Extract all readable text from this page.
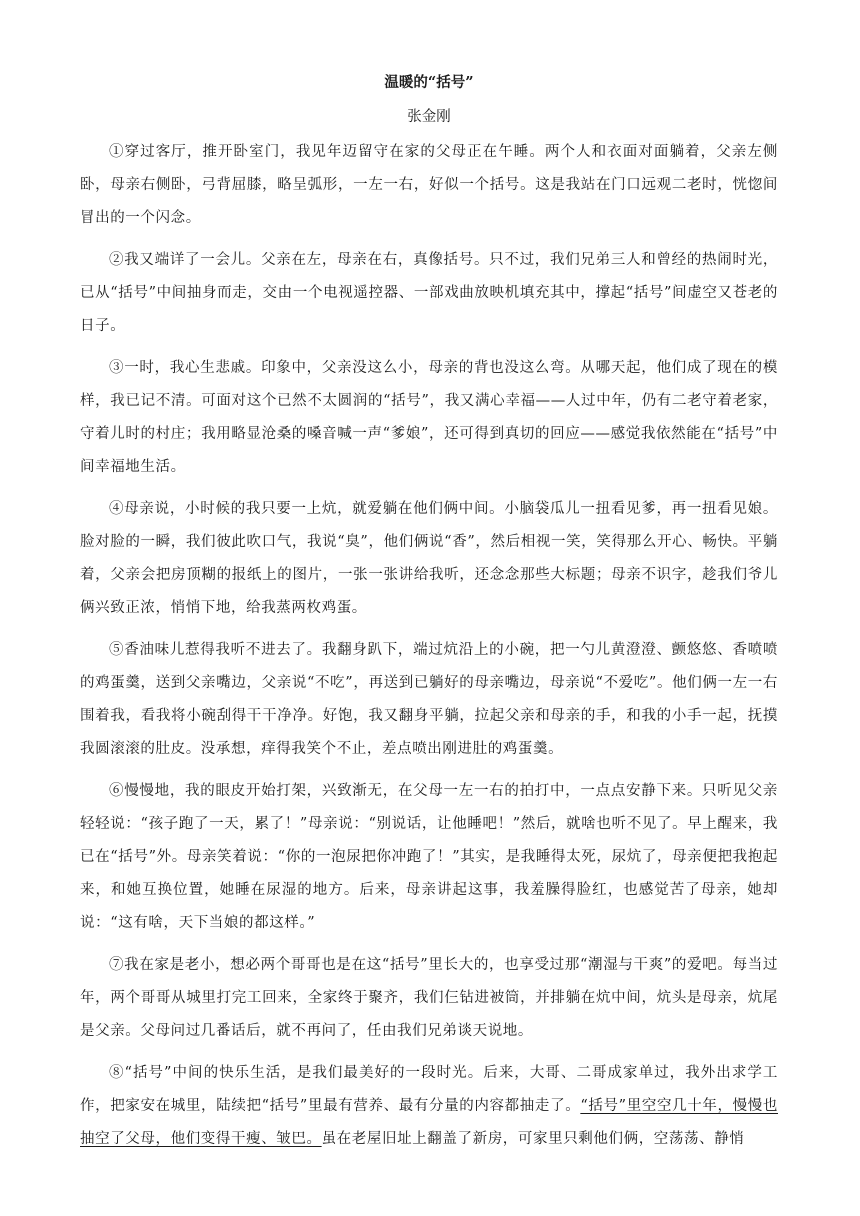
温暖的“括号”
张金刚

①穿过客厅，推开卧室门，我见年迈留守在家的父母正在午睡。两个人和衣面对面躺着，父亲左侧卧，母亲右侧卧，弓背屈膝，略呈弧形，一左一右，好似一个括号。这是我站在门口远观二老时，恍惚间冒出的一个闪念。

②我又端详了一会儿。父亲在左，母亲在右，真像括号。只不过，我们兄弟三人和曾经的热闹时光，已从“括号”中间抽身而走，交由一个电视遥控器、一部戏曲放映机填充其中，撑起“括号”间虚空又苍老的日子。

③一时，我心生悲戚。印象中，父亲没这么小，母亲的背也没这么弯。从哪天起，他们成了现在的模样，我已记不清。可面对这个已然不太圆润的“括号”，我又满心幸福——人过中年，仍有二老守着老家，守着儿时的村庄；我用略显沧桑的嗓音喊一声“爹娘”，还可得到真切的回应——感觉我依然能在“括号”中间幸福地生活。

④母亲说，小时候的我只要一上炕，就爱躺在他们俩中间。小脑袋瓜儿一扭看见爹，再一扭看见娘。脸对脸的一瞬，我们彼此吹口气，我说“臭”，他们俩说“香”，然后相视一笑，笑得那么开心、畅快。平躺着，父亲会把房顶糊的报纸上的图片，一张一张讲给我听，还念念那些大标题；母亲不识字，趁我们爷儿俩兴致正浓，悄悄下地，给我蒸两枚鸡蛋。

⑤香油味儿惹得我听不进去了。我翻身趴下，端过炕沿上的小碗，把一勺儿黄澄澄、颤悠悠、香喷喷的鸡蛋羹，送到父亲嘴边，父亲说“不吃”，再送到已躺好的母亲嘴边，母亲说“不爱吃”。他们俩一左一右围着我，看我将小碗刮得干干净净。好饱，我又翻身平躺，拉起父亲和母亲的手，和我的小手一起，抚摸我圆滚滚的肚皮。没承想，痒得我笑个不止，差点喷出刚进肚的鸡蛋羹。

⑥慢慢地，我的眼皮开始打架，兴致渐无，在父母一左一右的拍打中，一点点安静下来。只听见父亲轻轻说：“孩子跑了一天，累了！”母亲说：“别说话，让他睡吧！”然后，就啥也听不见了。早上醒来，我已在“括号”外。母亲笑着说：“你的一泡尿把你冲跑了！”其实，是我睡得太死，尿炕了，母亲便把我抱起来，和她互换位置，她睡在尿湿的地方。后来，母亲讲起这事，我羞臊得脸红，也感觉苦了母亲，她却说：“这有啥，天下当娘的都这样。”

⑦我在家是老小，想必两个哥哥也是在这“括号”里长大的，也享受过那“潮湿与干爽”的爱吧。每当过年，两个哥哥从城里打完工回来，全家终于聚齐，我们仨钻进被筒，并排躺在炕中间，炕头是母亲，炕尾是父亲。父母问过几番话后，就不再问了，任由我们兄弟谈天说地。

⑧“括号”中间的快乐生活，是我们最美好的一段时光。后来，大哥、二哥成家单过，我外出求学工作，把家安在城里，陆续把“括号”里最有营养、最有分量的内容都抽走了。“括号”里空空几十年，慢慢也抽空了父母，他们变得干瘦、皱巴。虽在老屋旧址上翻盖了新房，可家里只剩他们俩，空荡荡、静悄
